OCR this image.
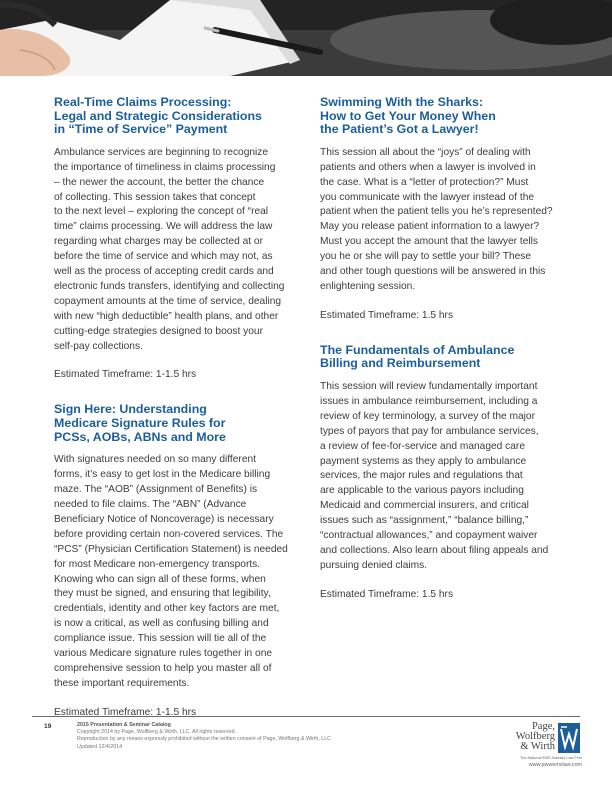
Real-Time Claims Processing:
Legal and Strategic Considerations
in “Time of Service” Payment

Ambulance services are beginning to recognize
the importance of timeliness in claims processing
– the newer the account, the better the chance
of collecting. This session takes that concept
to the next level – exploring the concept of “real
time” claims processing. We will address the law
regarding what charges may be collected at or
before the time of service and which may not, as
well as the process of accepting credit cards and
electronic funds transfers, identifying and collecting
copayment amounts at the time of service, dealing
with new “high deductible” health plans, and other
cutting-edge strategies designed to boost your
self-pay collections.

Estimated Timeframe: 1-1.5 hrs

Sign Here: Understanding
Medicare Signature Rules for
PCSs, AOBs, ABNs and More

With signatures needed on so many different
forms, it’s easy to get lost in the Medicare billing
maze. The “AOB” (Assignment of Benefits) is
needed to file claims. The “ABN” (Advance
Beneficiary Notice of Noncoverage) is necessary
before providing certain non-covered services. The
“PCS” (Physician Certification Statement) is needed
for most Medicare non-emergency transports.
Knowing who can sign all of these forms, when
they must be signed, and ensuring that legibility,
credentials, identity and other key factors are met,
is now a critical, as well as confusing billing and
compliance issue. This session will tie all of the
various Medicare signature rules together in one
comprehensive session to help you master all of
these important requirements.

Estimated Timeframe: 1-1.5 hrs

Swimming With the Sharks:
How to Get Your Money When
the Patient’s Got a Lawyer!

This session all about the “joys” of dealing with
patients and others when a lawyer is involved in
the case. What is a “letter of protection?” Must
you communicate with the lawyer instead of the
patient when the patient tells you he’s represented?
May you release patient information to a lawyer?
Must you accept the amount that the lawyer tells
you he or she will pay to settle your bill? These
and other tough questions will be answered in this
enlightening session.

Estimated Timeframe: 1.5 hrs

The Fundamentals of Ambulance
Billing and Reimbursement

This session will review fundamentally important
issues in ambulance reimbursement, including a
review of key terminology, a survey of the major
types of payors that pay for ambulance services,
a review of fee-for-service and managed care
payment systems as they apply to ambulance
services, the major rules and regulations that
are applicable to the various payors including
Medicaid and commercial insurers, and critical
issues such as “assignment,” “balance billing,”
“contractual allowances,” and copayment waiver
and collections. Also learn about filing appeals and
pursuing denied claims.

Estimated Timeframe: 1.5 hrs

19	2015 Presentation & Seminar Catalog
Copyright 2014 by Page, Wolfberg & Wirth, LLC. All rights reserved.
Reproduction by any means expressly prohibited without the written consent of Page, Wolfberg & Wirth, LLC
Updated 12/4/2014
Page,
Wolfberg
& Wirth
The National EMS Industry Law Firm
www.pwwemslaw.com
